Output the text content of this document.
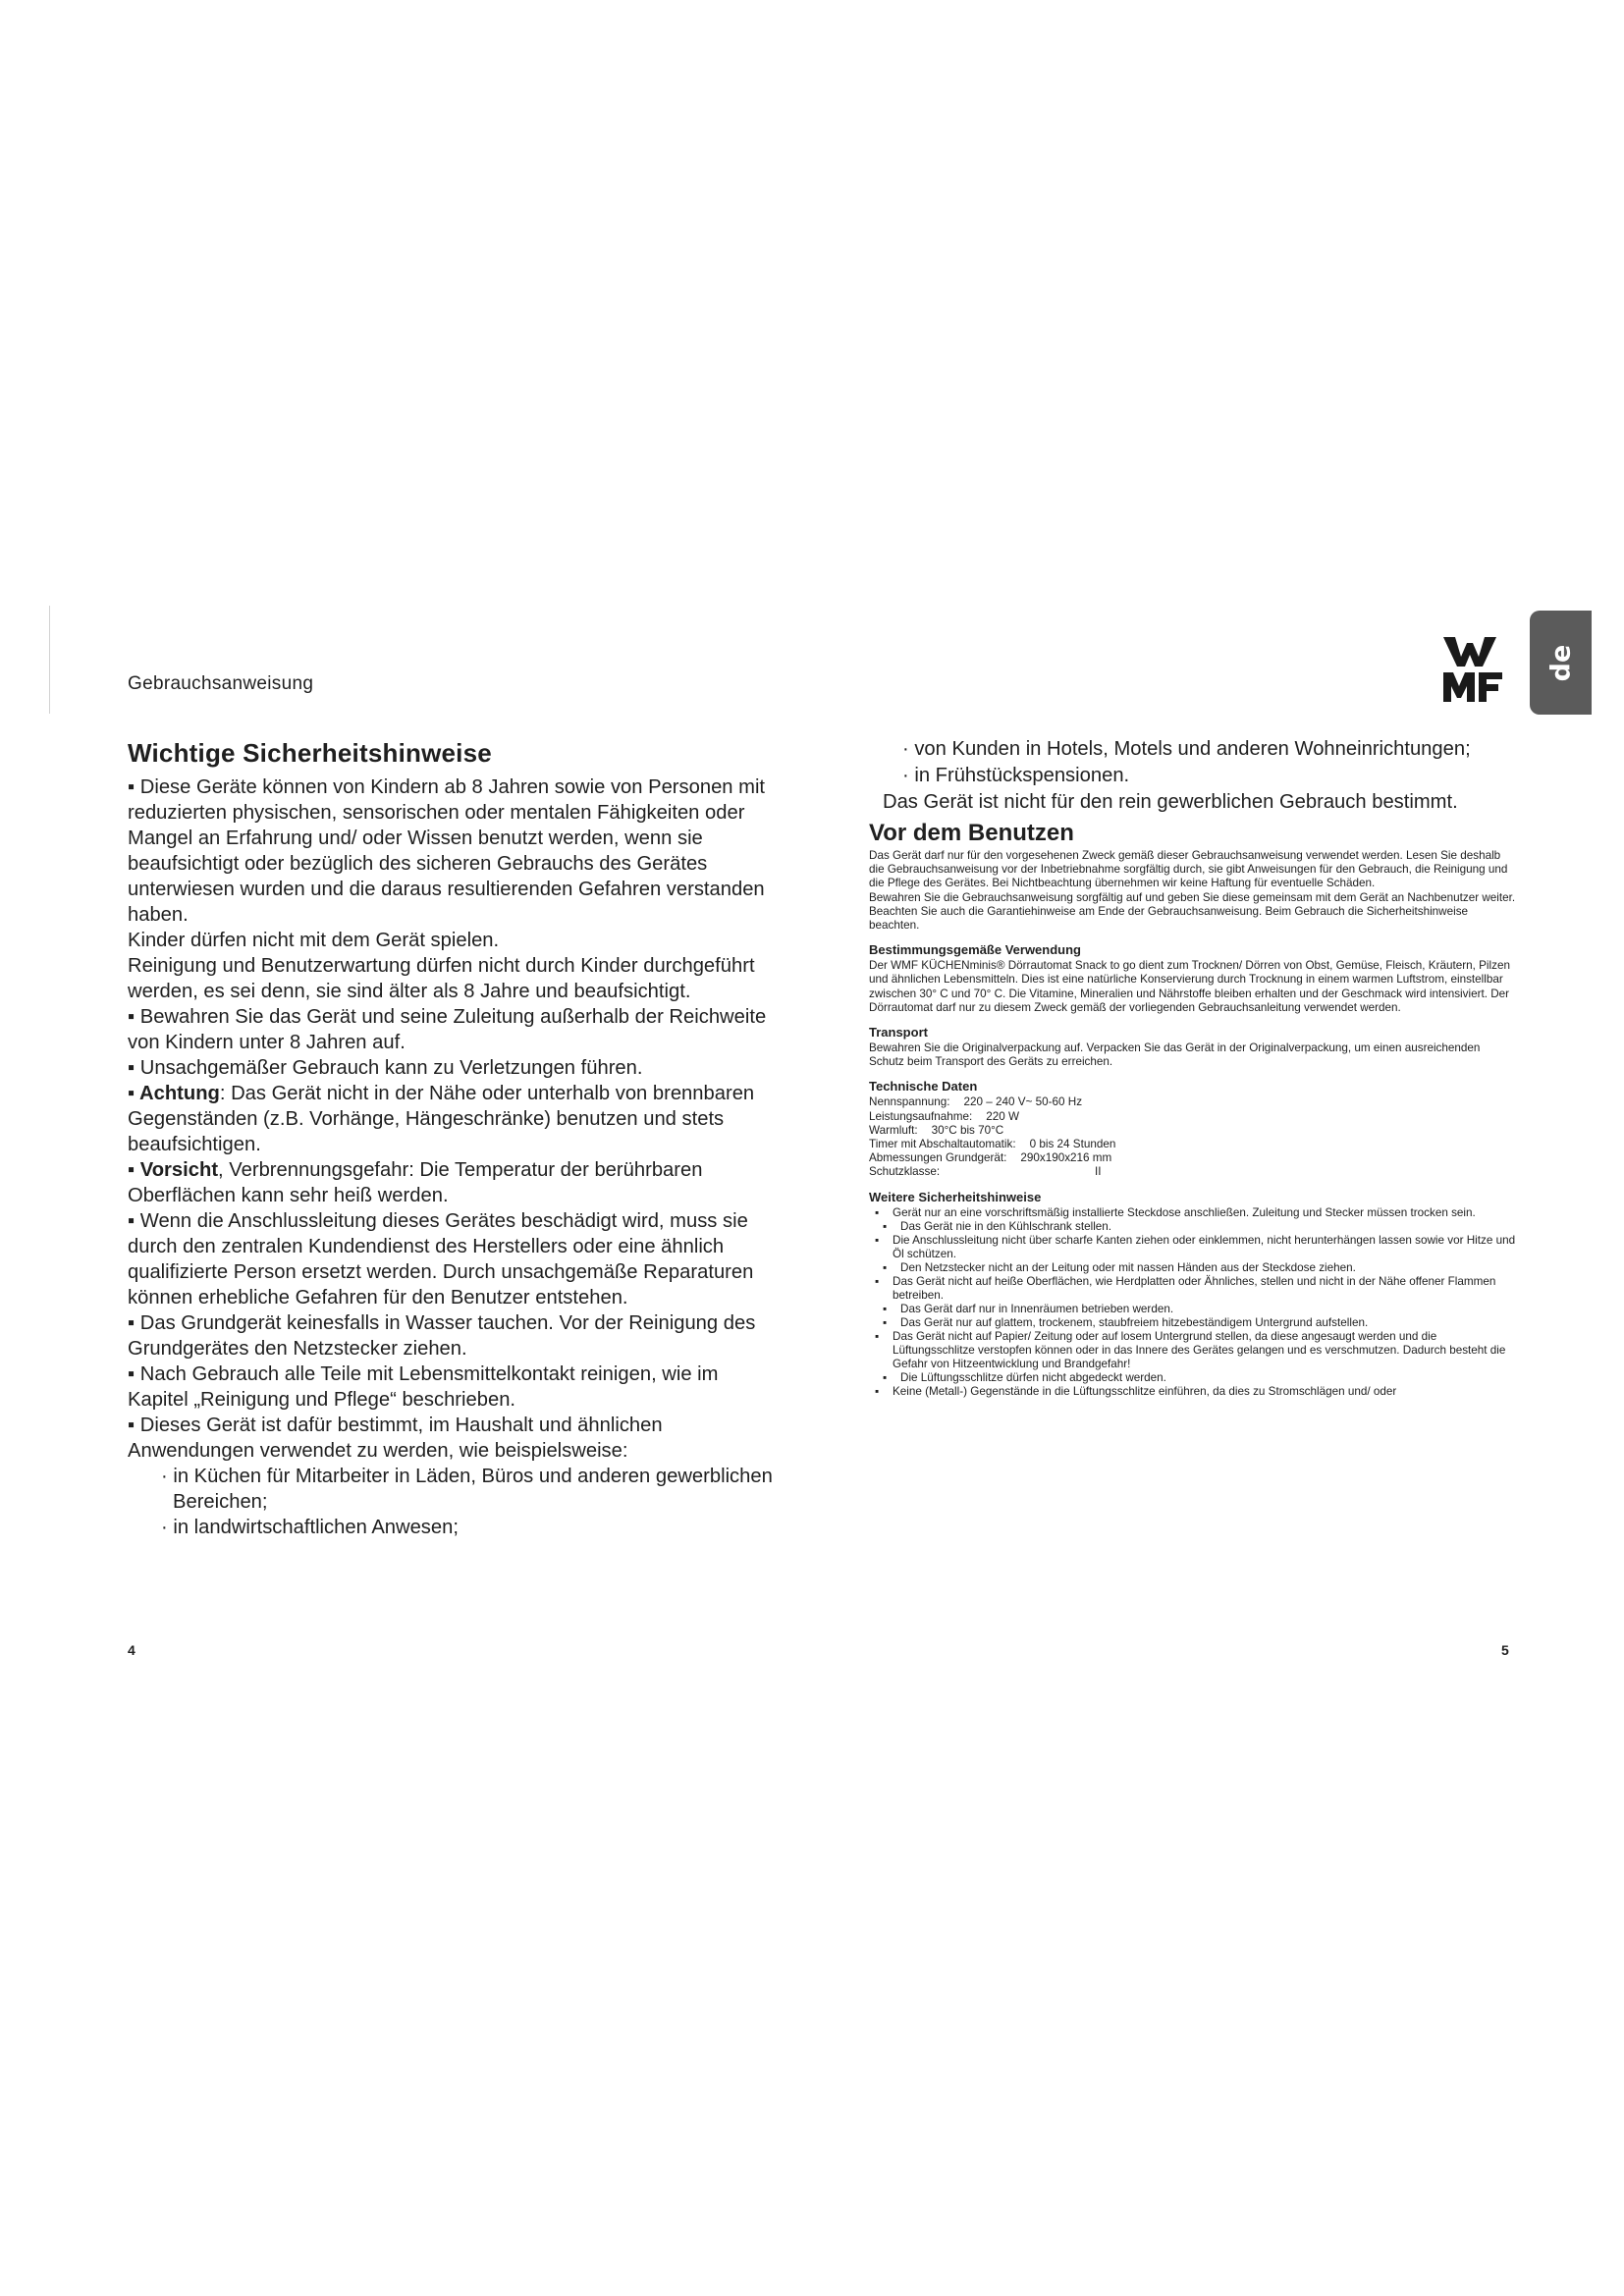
Gebrauchsanweisung
de
Wichtige Sicherheitshinweise

▪ Diese Geräte können von Kindern ab 8 Jahren sowie von Personen mit reduzierten physischen, sensorischen oder mentalen Fähigkeiten oder Mangel an Erfahrung und/ oder Wissen benutzt werden, wenn sie beaufsichtigt oder bezüglich des sicheren Gebrauchs des Gerätes unterwiesen wurden und die daraus resultierenden Gefahren verstanden haben.

Kinder dürfen nicht mit dem Gerät spielen.

Reinigung und Benutzerwartung dürfen nicht durch Kinder durchgeführt werden, es sei denn, sie sind älter als 8 Jahre und beaufsichtigt.

▪ Bewahren Sie das Gerät und seine Zuleitung außerhalb der Reichweite von Kindern unter 8 Jahren auf.

▪ Unsachgemäßer Gebrauch kann zu Verletzungen führen.

▪ Achtung: Das Gerät nicht in der Nähe oder unterhalb von brennbaren Gegenständen (z.B. Vorhänge, Hängeschränke) benutzen und stets beaufsichtigen.

▪ Vorsicht, Verbrennungsgefahr: Die Temperatur der berührbaren Oberflächen kann sehr heiß werden.

▪ Wenn die Anschlussleitung dieses Gerätes beschädigt wird, muss sie durch den zentralen Kundendienst des Herstellers oder eine ähnlich qualifizierte Person ersetzt werden. Durch unsachgemäße Reparaturen können erhebliche Gefahren für den Benutzer entstehen.

▪ Das Grundgerät keinesfalls in Wasser tauchen. Vor der Reinigung des Grundgerätes den Netzstecker ziehen.

▪ Nach Gebrauch alle Teile mit Lebensmittelkontakt reinigen, wie im Kapitel „Reinigung und Pflege“ beschrieben.

▪ Dieses Gerät ist dafür bestimmt, im Haushalt und ähnlichen Anwendungen verwendet zu werden, wie beispielsweise:

· in Küchen für Mitarbeiter in Läden, Büros und anderen gewerblichen Bereichen;

· in landwirtschaftlichen Anwesen;

· von Kunden in Hotels, Motels und anderen Wohneinrichtungen;

· in Frühstückspensionen.

Das Gerät ist nicht für den rein gewerblichen Gebrauch bestimmt.

Vor dem Benutzen

Das Gerät darf nur für den vorgesehenen Zweck gemäß dieser Gebrauchsanweisung verwendet werden. Lesen Sie deshalb die Gebrauchsanweisung vor der Inbetriebnahme sorgfältig durch, sie gibt Anweisungen für den Gebrauch, die Reinigung und die Pflege des Gerätes. Bei Nichtbeachtung übernehmen wir keine Haftung für eventuelle Schäden.

Bewahren Sie die Gebrauchsanweisung sorgfältig auf und geben Sie diese gemeinsam mit dem Gerät an Nachbenutzer weiter. Beachten Sie auch die Garantiehinweise am Ende der Gebrauchsanweisung. Beim Gebrauch die Sicherheitshinweise beachten.

Bestimmungsgemäße Verwendung

Der WMF KÜCHENminis® Dörrautomat Snack to go dient zum Trocknen/ Dörren von Obst, Gemüse, Fleisch, Kräutern, Pilzen und ähnlichen Lebensmitteln. Dies ist eine natürliche Konservierung durch Trocknung in einem warmen Luftstrom, einstellbar zwischen 30° C und 70° C. Die Vitamine, Mineralien und Nährstoffe bleiben erhalten und der Geschmack wird intensiviert. Der Dörrautomat darf nur zu diesem Zweck gemäß der vorliegenden Gebrauchsanleitung verwendet werden.

Transport

Bewahren Sie die Originalverpackung auf. Verpacken Sie das Gerät in der Originalverpackung, um einen ausreichenden Schutz beim Transport des Geräts zu erreichen.

Technische Daten
Nennspannung: 220 – 240 V~ 50-60 Hz
Leistungsaufnahme: 220 W
Warmluft: 30°C bis 70°C
Timer mit Abschaltautomatik: 0 bis 24 Stunden
Abmessungen Grundgerät: 290x190x216 mm
Schutzklasse:	II
Weitere Sicherheitshinweise
▪ Gerät nur an eine vorschriftsmäßig installierte Steckdose anschließen. Zuleitung und Stecker müssen trocken sein.
▪ Das Gerät nie in den Kühlschrank stellen.
▪ Die Anschlussleitung nicht über scharfe Kanten ziehen oder einklemmen, nicht herunterhängen lassen sowie vor Hitze und Öl schützen.
▪ Den Netzstecker nicht an der Leitung oder mit nassen Händen aus der Steckdose ziehen.
▪ Das Gerät nicht auf heiße Oberflächen, wie Herdplatten oder Ähnliches, stellen und nicht in der Nähe offener Flammen betreiben.
▪ Das Gerät darf nur in Innenräumen betrieben werden.
▪ Das Gerät nur auf glattem, trockenem, staubfreiem hitzebeständigem Untergrund aufstellen.
▪ Das Gerät nicht auf Papier/ Zeitung oder auf losem Untergrund stellen, da diese angesaugt werden und die Lüftungsschlitze verstopfen können oder in das Innere des Gerätes gelangen und es verschmutzen. Dadurch besteht die Gefahr von Hitzeentwicklung und Brandgefahr!
▪ Die Lüftungsschlitze dürfen nicht abgedeckt werden.
▪ Keine (Metall-) Gegenstände in die Lüftungsschlitze einführen, da dies zu Stromschlägen und/ oder
4	5
